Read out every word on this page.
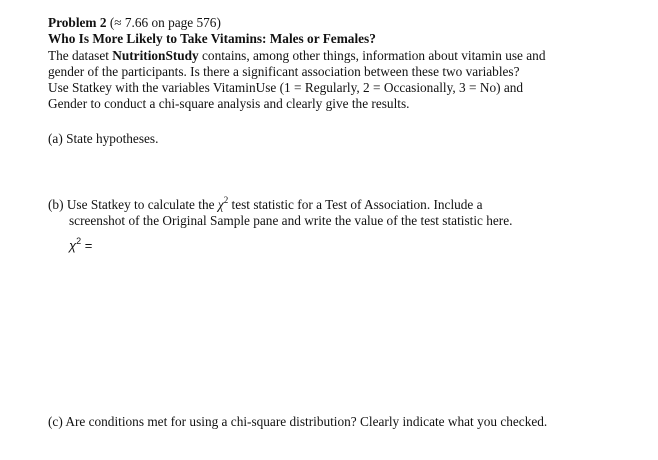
Problem 2 (≈ 7.66 on page 576)

Who Is More Likely to Take Vitamins: Males or Females?

The dataset NutritionStudy contains, among other things, information about vitamin use and

gender of the participants. Is there a significant association between these two variables?

Use Statkey with the variables VitaminUse (1 = Regularly, 2 = Occasionally, 3 = No) and

Gender to conduct a chi-square analysis and clearly give the results.

(a) State hypotheses.

(b) Use Statkey to calculate the $\chi^2$ test statistic for a Test of Association. Include a

screenshot of the Original Sample pane and write the value of the test statistic here.

$\chi^2$ =

(c) Are conditions met for using a chi-square distribution? Clearly indicate what you checked.
